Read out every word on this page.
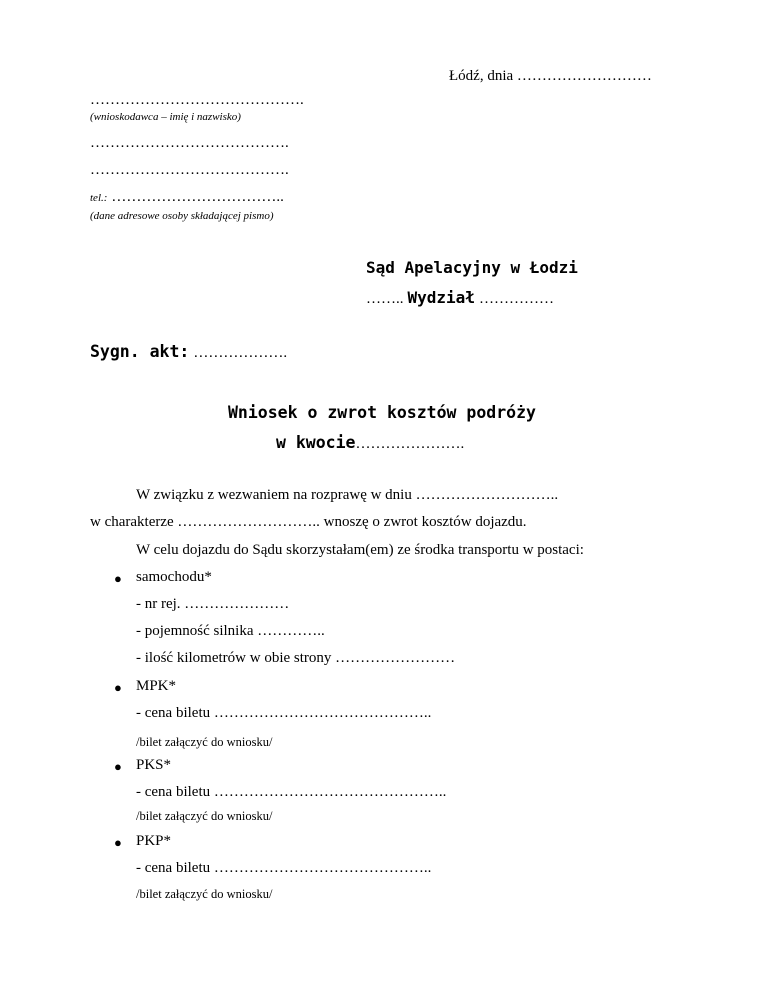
Łódź, dnia ………………………
…………………………………….
(wnioskodawca – imię i nazwisko)
………………………………….
………………………………….
tel.: ……………………………..
(dane adresowe osoby składającej pismo)
Sąd Apelacyjny w Łodzi
…….. Wydział ……………
Sygn. akt: ……………….
Wniosek o zwrot kosztów podróży
w kwocie………………….
W związku z wezwaniem na rozprawę w dniu ………………………..
w charakterze ……………………….. wnoszę o zwrot kosztów dojazdu.
W celu dojazdu do Sądu skorzystałam(em) ze środka transportu w postaci:
● samochodu*
- nr rej. …………………
- pojemność silnika …………..
- ilość kilometrów w obie strony ……………………
● MPK*
- cena biletu ……………………………………..
/bilet załączyć do wniosku/
● PKS*
- cena biletu ………………………………………..
/bilet załączyć do wniosku/
● PKP*
- cena biletu ……………………………………..
/bilet załączyć do wniosku/
